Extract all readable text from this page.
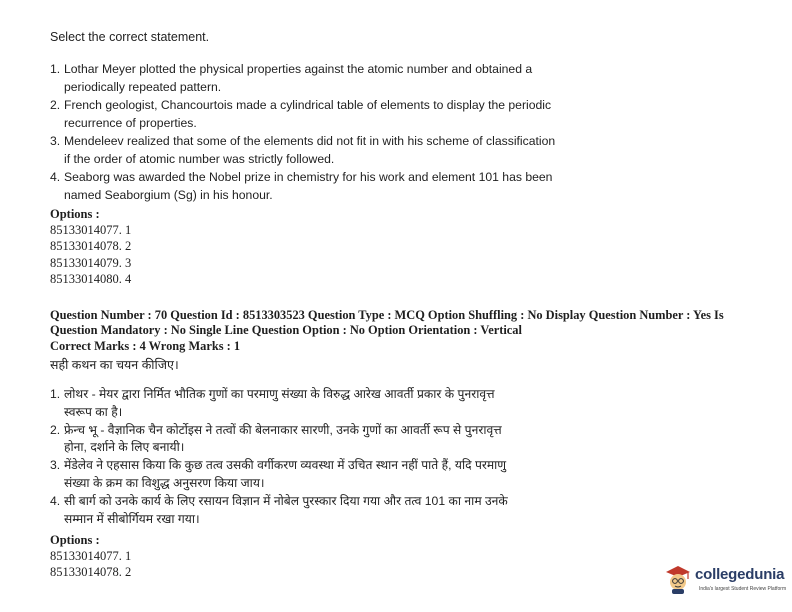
Select the correct statement.
1. Lothar Meyer plotted the physical properties against the atomic number and obtained a
periodically repeated pattern.
2. French geologist, Chancourtois made a cylindrical table of elements to display the periodic
recurrence of properties.
3. Mendeleev realized that some of the elements did not fit in with his scheme of classification
if the order of atomic number was strictly followed.
4. Seaborg was awarded the Nobel prize in chemistry for his work and element 101 has been
named Seaborgium (Sg) in his honour.
Options :
85133014077. 1
85133014078. 2
85133014079. 3
85133014080. 4
Question Number : 70 Question Id : 8513303523 Question Type : MCQ Option Shuffling : No Display Question Number : Yes Is
Question Mandatory : No Single Line Question Option : No Option Orientation : Vertical
Correct Marks : 4 Wrong Marks : 1
सही कथन का चयन कीजिए।
1. लोथर - मेयर द्वारा निर्मित भौतिक गुणों का परमाणु संख्या के विरुद्ध आरेख आवर्ती प्रकार के पुनरावृत्त
स्वरूप का है।
2. फ्रेन्च भू - वैज्ञानिक चैन कोर्टोइस ने तत्वों की बेलनाकार सारणी, उनके गुणों का आवर्ती रूप से पुनरावृत्त
होना, दर्शाने के लिए बनायी।
3. मेंडेलेव ने एहसास किया कि कुछ तत्व उसकी वर्गीकरण व्यवस्था में उचित स्थान नहीं पाते हैं, यदि परमाणु
संख्या के क्रम का विशुद्ध अनुसरण किया जाय।
4. सी बार्ग को उनके कार्य के लिए रसायन विज्ञान में नोबेल पुरस्कार दिया गया और तत्व 101 का नाम उनके
सम्मान में सीबोर्गियम रखा गया।
Options :
85133014077. 1
85133014078. 2	collegedunia
India's largest Student Review Platform
